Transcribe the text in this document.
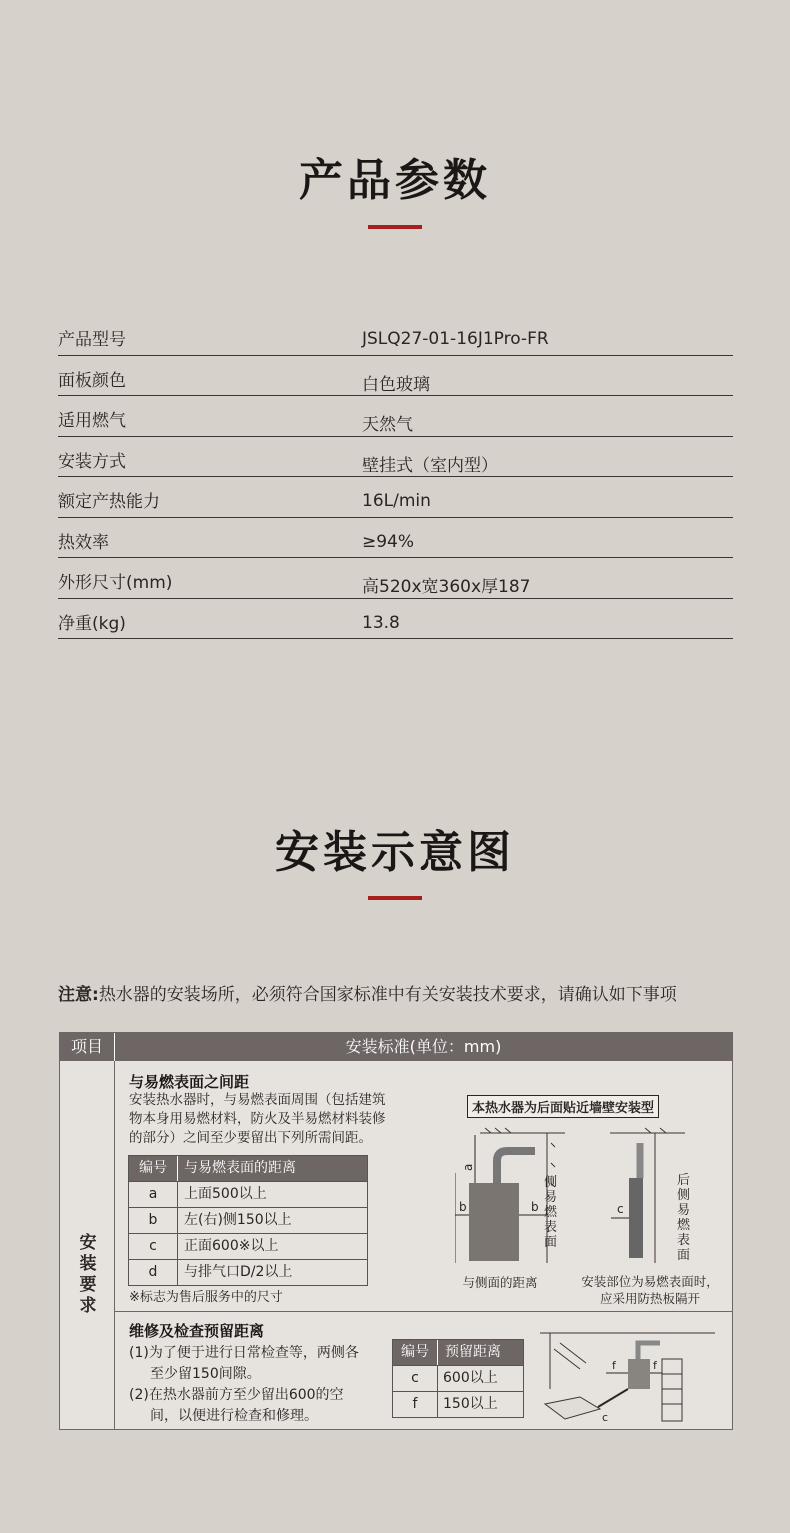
产品参数
产品型号	JSLQ27-01-16J1Pro-FR
面板颜色	白色玻璃
适用燃气	天然气
安装方式	壁挂式（室内型）
额定产热能力	16L/min
热效率	≥94%
外形尺寸(mm)	高520x宽360x厚187
净重(kg)	13.8
安装示意图
注意:热水器的安装场所，必须符合国家标准中有关安装技术要求，请确认如下事项
项目	安装标准(单位：mm)
安装要求
与易燃表面之间距
安装热水器时，与易燃表面周围（包括建筑
物本身用易燃材料，防火及半易燃材料装修
的部分）之间至少要留出下列所需间距。
编号	与易燃表面的距离
a	上面500以上
b	左(右)侧150以上
c	正面600※以上
d	与排气口D/2以上
※标志为售后服务中的尺寸
本热水器为后面贴近墙壁安装型
a
b	b
侧易燃表面
c
后侧易燃表面
与侧面的距离	安装部位为易燃表面时，
应采用防热板隔开
维修及检查预留距离
(1)为了便于进行日常检查等，两侧各
至少留150间隙。
(2)在热水器前方至少留出600的空
间，以便进行检查和修理。
编号	预留距离
c	600以上
f	150以上
f	f
c
